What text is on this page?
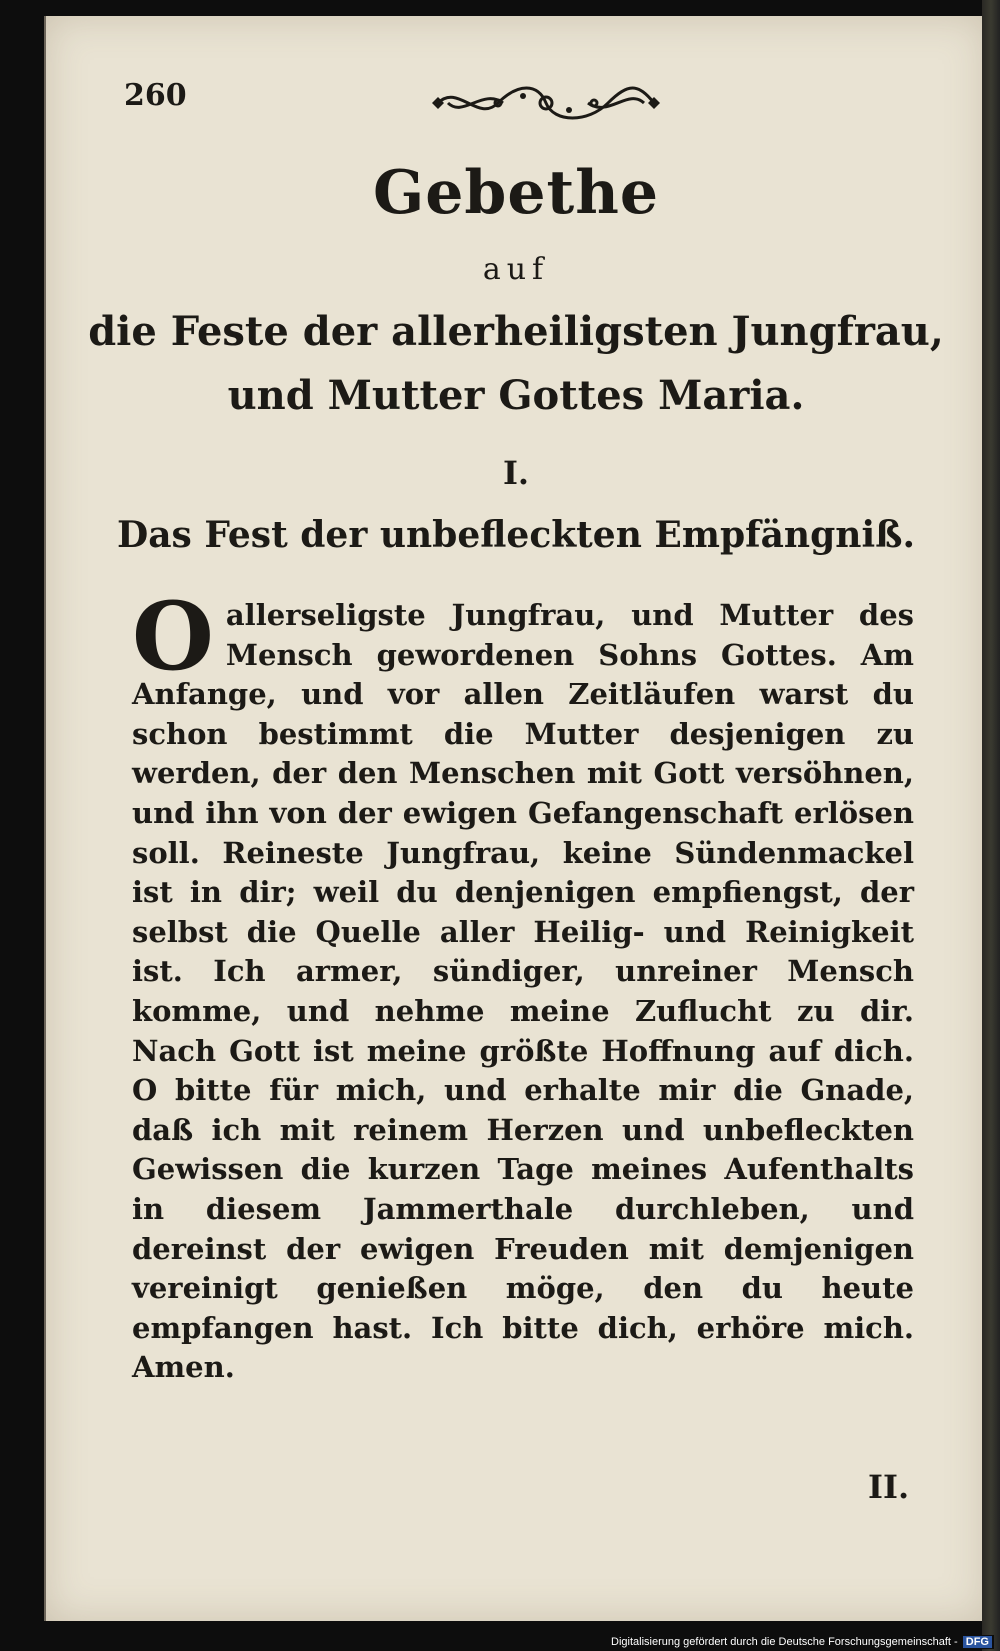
260
Gebethe
auf
die Feste der allerheiligsten Jungfrau,
und Mutter Gottes Maria.
I.
Das Fest der unbefleckten Empfängniß.
O allerseligste Jungfrau, und Mutter des Mensch gewordenen Sohns Gottes. Am Anfange, und vor allen Zeitläufen warst du schon bestimmt die Mutter desjenigen zu werden, der den Menschen mit Gott versöhnen, und ihn von der ewigen Gefangenschaft erlösen soll. Reineste Jungfrau, keine Sündenmackel ist in dir; weil du denjenigen empfiengst, der selbst die Quelle aller Heilig- und Reinigkeit ist. Ich armer, sündiger, unreiner Mensch komme, und nehme meine Zuflucht zu dir. Nach Gott ist meine größte Hoffnung auf dich. O bitte für mich, und erhalte mir die Gnade, daß ich mit reinem Herzen und unbefleckten Gewissen die kurzen Tage meines Aufenthalts in diesem Jammerthale durchleben, und dereinst der ewigen Freuden mit demjenigen vereinigt genießen möge, den du heute empfangen hast. Ich bitte dich, erhöre mich. Amen.
II.
Digitalisierung gefördert durch die Deutsche Forschungsgemeinschaft - DFG
